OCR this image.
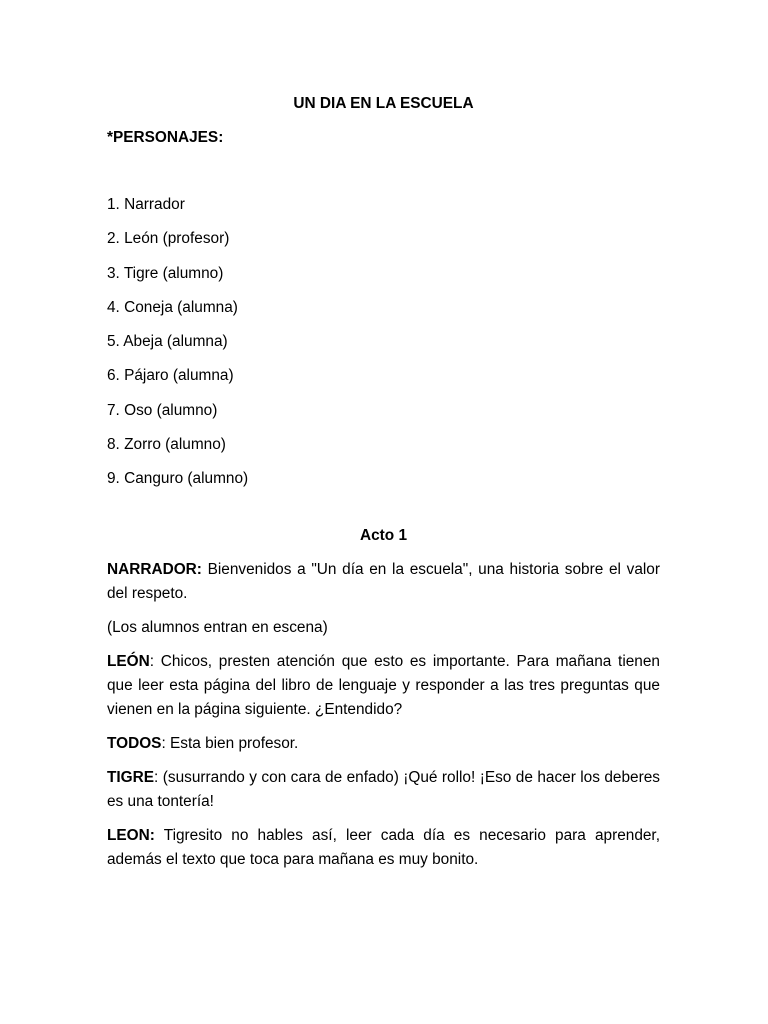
UN DIA EN LA ESCUELA
*PERSONAJES:
1. Narrador
2. León (profesor)
3. Tigre (alumno)
4. Coneja (alumna)
5. Abeja (alumna)
6. Pájaro (alumna)
7. Oso (alumno)
8. Zorro (alumno)
9. Canguro (alumno)
Acto 1

NARRADOR: Bienvenidos a "Un día en la escuela", una historia sobre el valor del respeto.

(Los alumnos entran en escena)

LEÓN: Chicos, presten atención que esto es importante. Para mañana tienen que leer esta página del libro de lenguaje y responder a las tres preguntas que vienen en la página siguiente. ¿Entendido?

TODOS: Esta bien profesor.

TIGRE: (susurrando y con cara de enfado) ¡Qué rollo! ¡Eso de hacer los deberes es una tontería!

LEON: Tigresito no hables así, leer cada día es necesario para aprender, además el texto que toca para mañana es muy bonito.
